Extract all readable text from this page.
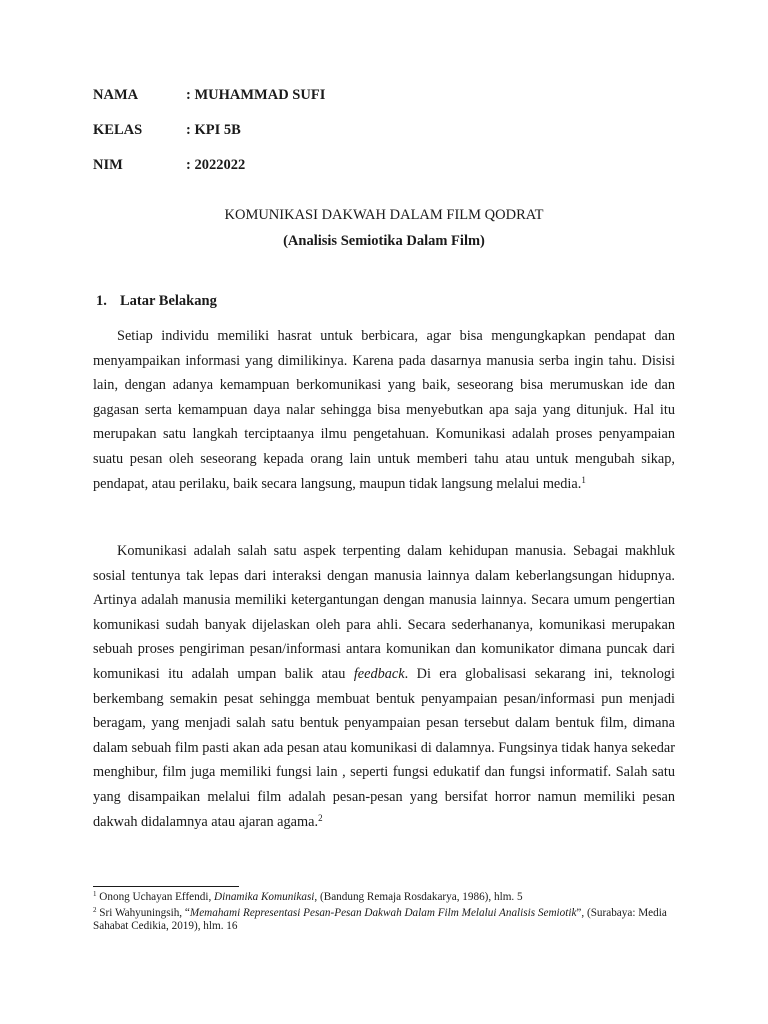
NAMA	: MUHAMMAD SUFI
KELAS	: KPI 5B
NIM	: 2022022
KOMUNIKASI DAKWAH DALAM FILM QODRAT
(Analisis Semiotika Dalam Film)
1. Latar Belakang

Setiap individu memiliki hasrat untuk berbicara, agar bisa mengungkapkan pendapat dan menyampaikan informasi yang dimilikinya. Karena pada dasarnya manusia serba ingin tahu. Disisi lain, dengan adanya kemampuan berkomunikasi yang baik, seseorang bisa merumuskan ide dan gagasan serta kemampuan daya nalar sehingga bisa menyebutkan apa saja yang ditunjuk. Hal itu merupakan satu langkah terciptaanya ilmu pengetahuan. Komunikasi adalah proses penyampaian suatu pesan oleh seseorang kepada orang lain untuk memberi tahu atau untuk mengubah sikap, pendapat, atau perilaku, baik secara langsung, maupun tidak langsung melalui media.$^1$

Komunikasi adalah salah satu aspek terpenting dalam kehidupan manusia. Sebagai makhluk sosial tentunya tak lepas dari interaksi dengan manusia lainnya dalam keberlangsungan hidupnya. Artinya adalah manusia memiliki ketergantungan dengan manusia lainnya. Secara umum pengertian komunikasi sudah banyak dijelaskan oleh para ahli. Secara sederhananya, komunikasi merupakan sebuah proses pengiriman pesan/informasi antara komunikan dan komunikator dimana puncak dari komunikasi itu adalah umpan balik atau feedback. Di era globalisasi sekarang ini, teknologi berkembang semakin pesat sehingga membuat bentuk penyampaian pesan/informasi pun menjadi beragam, yang menjadi salah satu bentuk penyampaian pesan tersebut dalam bentuk film, dimana dalam sebuah film pasti akan ada pesan atau komunikasi di dalamnya. Fungsinya tidak hanya sekedar menghibur, film juga memiliki fungsi lain , seperti fungsi edukatif dan fungsi informatif. Salah satu yang disampaikan melalui film adalah pesan-pesan yang bersifat horror namun memiliki pesan dakwah didalamnya atau ajaran agama.$^2$

$^1$ Onong Uchayan Effendi, Dinamika Komunikasi, (Bandung Remaja Rosdakarya, 1986), hlm. 5

$^2$ Sri Wahyuningsih, “Memahami Representasi Pesan-Pesan Dakwah Dalam Film Melalui Analisis Semiotik”, (Surabaya: Media Sahabat Cedikia, 2019), hlm. 16
